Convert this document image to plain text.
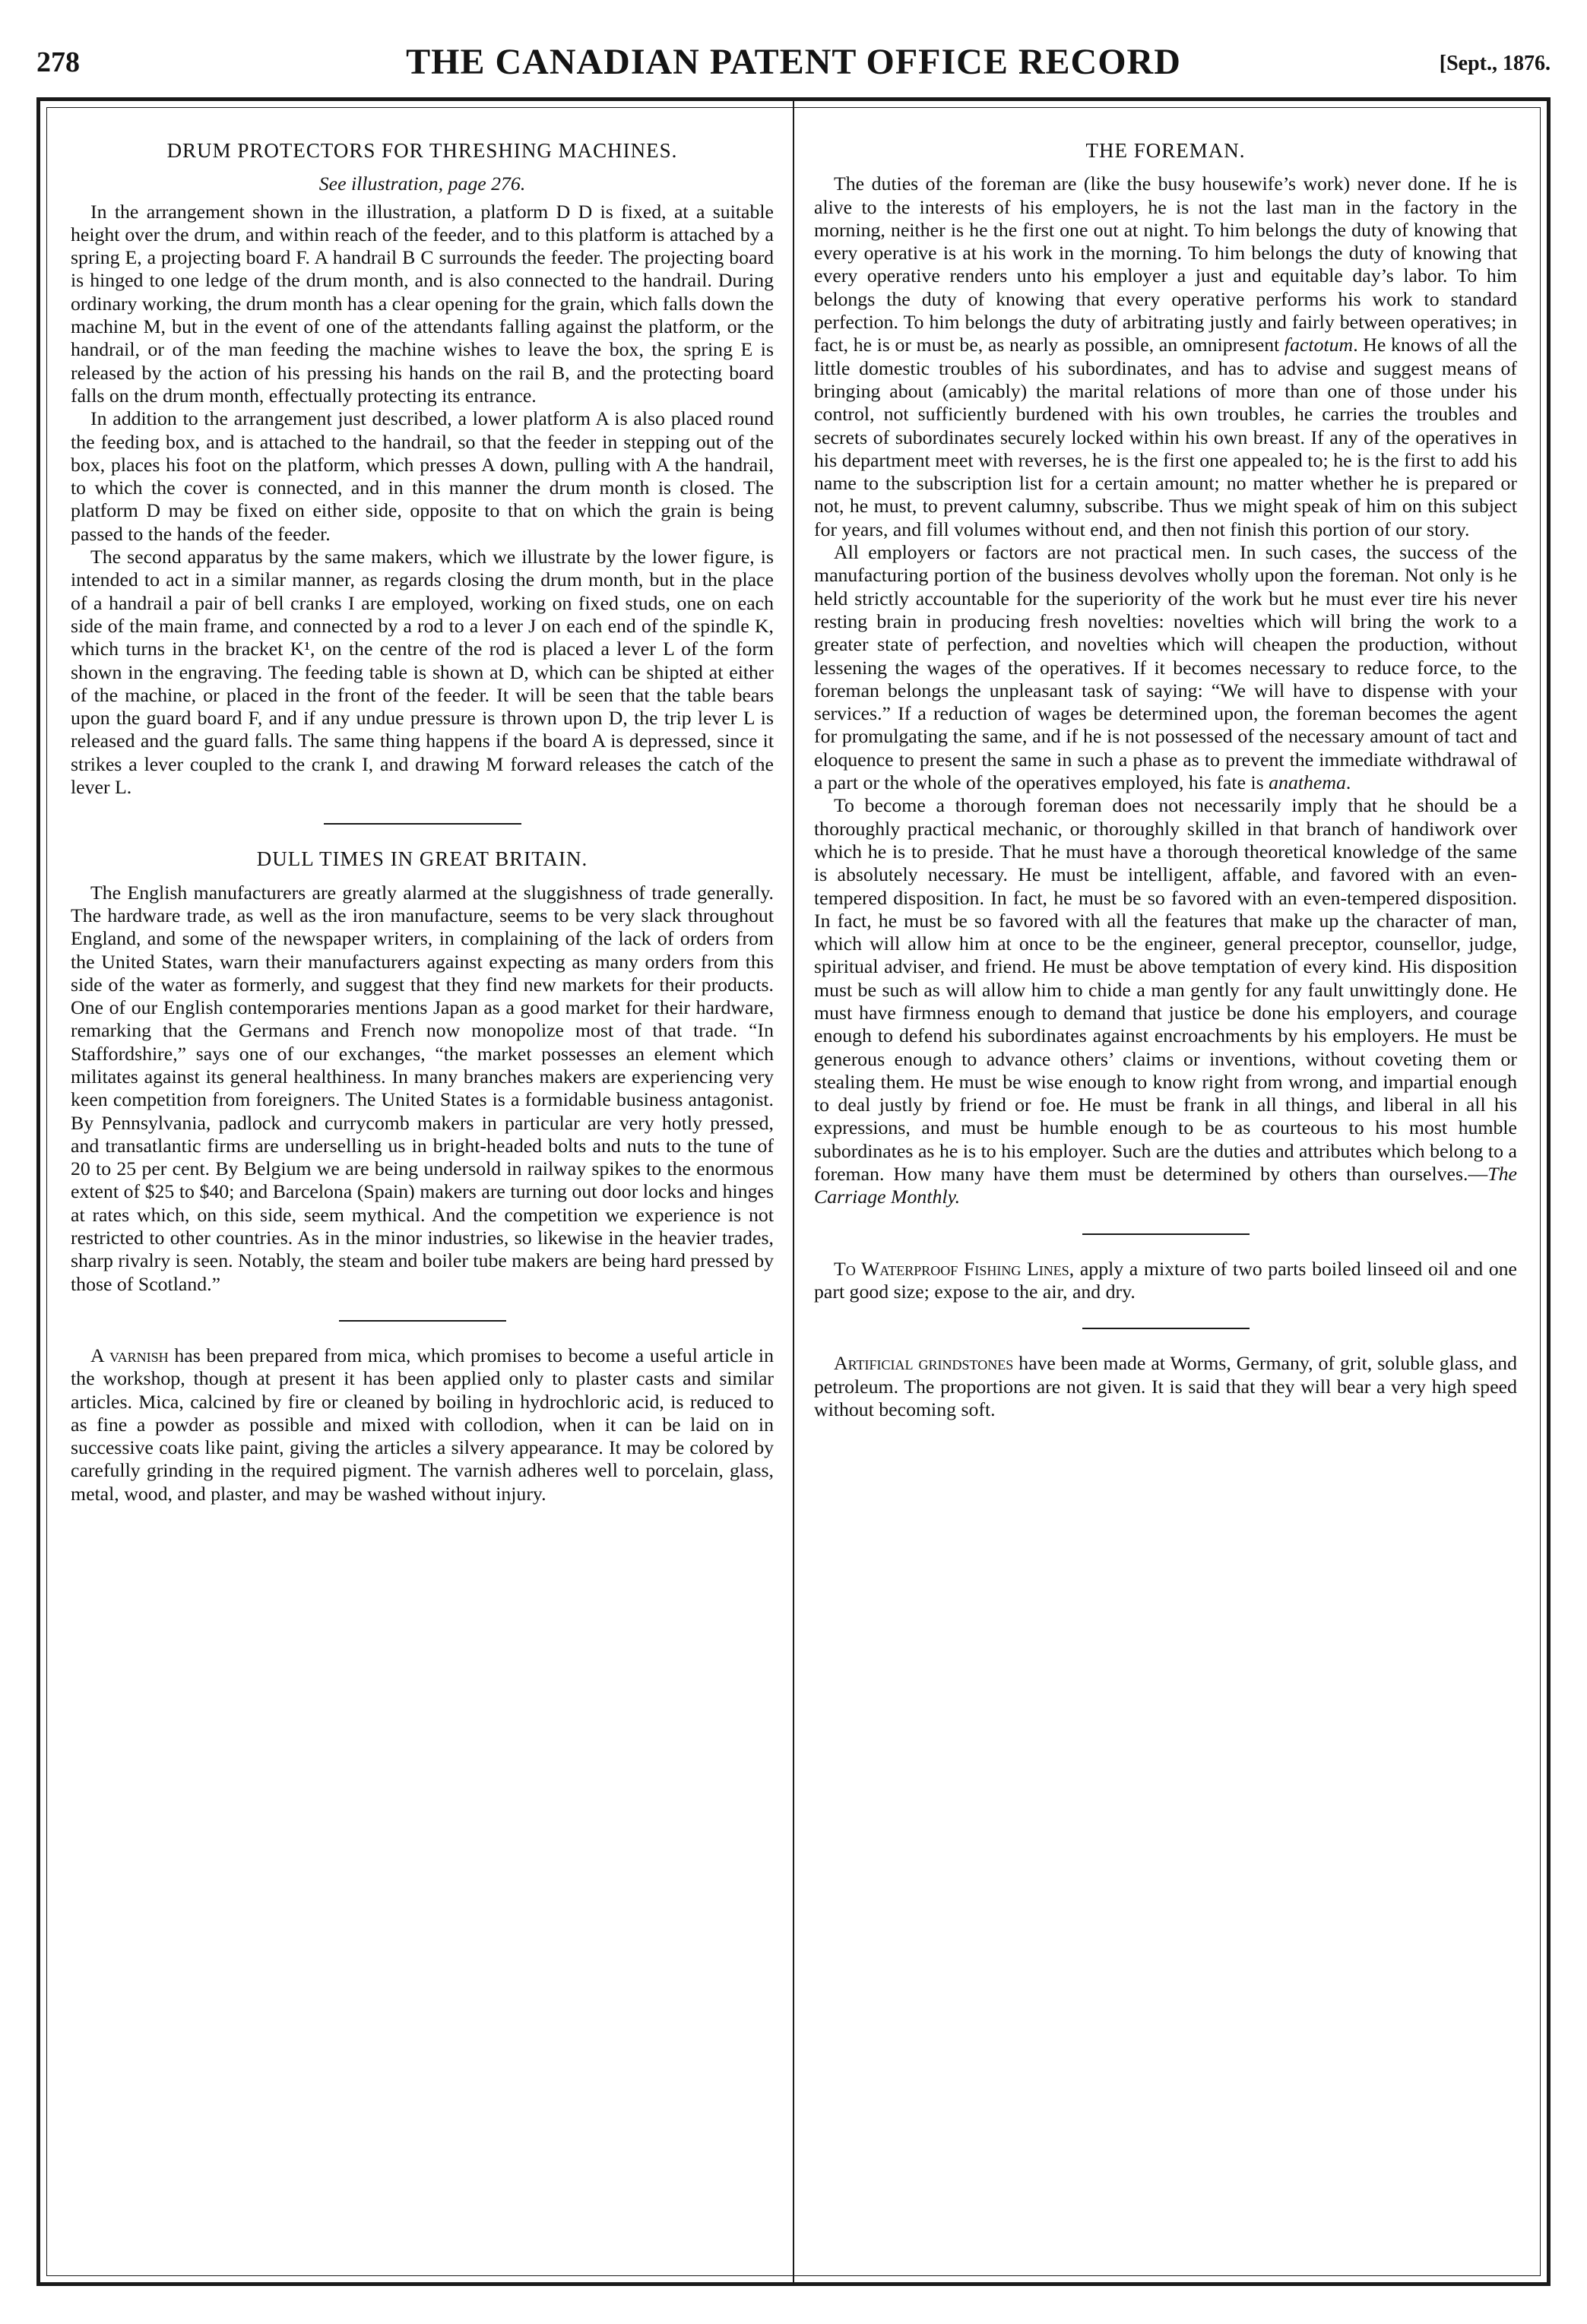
278	THE CANADIAN PATENT OFFICE RECORD	[Sept., 1876.
DRUM PROTECTORS FOR THRESHING MACHINES.

See illustration, page 276.

In the arrangement shown in the illustration, a platform D D is fixed, at a suitable height over the drum, and within reach of the feeder, and to this platform is attached by a spring E, a projecting board F. A handrail B C surrounds the feeder. The projecting board is hinged to one ledge of the drum month, and is also connected to the handrail. During ordinary working, the drum month has a clear opening for the grain, which falls down the machine M, but in the event of one of the attendants falling against the platform, or the handrail, or of the man feeding the machine wishes to leave the box, the spring E is released by the action of his pressing his hands on the rail B, and the protecting board falls on the drum month, effectually protecting its entrance.

In addition to the arrangement just described, a lower platform A is also placed round the feeding box, and is attached to the handrail, so that the feeder in stepping out of the box, places his foot on the platform, which presses A down, pulling with A the handrail, to which the cover is connected, and in this manner the drum month is closed. The platform D may be fixed on either side, opposite to that on which the grain is being passed to the hands of the feeder.

The second apparatus by the same makers, which we illustrate by the lower figure, is intended to act in a similar manner, as regards closing the drum month, but in the place of a handrail a pair of bell cranks I are employed, working on fixed studs, one on each side of the main frame, and connected by a rod to a lever J on each end of the spindle K, which turns in the bracket K¹, on the centre of the rod is placed a lever L of the form shown in the engraving. The feeding table is shown at D, which can be shipted at either of the machine, or placed in the front of the feeder. It will be seen that the table bears upon the guard board F, and if any undue pressure is thrown upon D, the trip lever L is released and the guard falls. The same thing happens if the board A is depressed, since it strikes a lever coupled to the crank I, and drawing M forward releases the catch of the lever L.

DULL TIMES IN GREAT BRITAIN.

The English manufacturers are greatly alarmed at the sluggishness of trade generally. The hardware trade, as well as the iron manufacture, seems to be very slack throughout England, and some of the newspaper writers, in complaining of the lack of orders from the United States, warn their manufacturers against expecting as many orders from this side of the water as formerly, and suggest that they find new markets for their products. One of our English contemporaries mentions Japan as a good market for their hardware, remarking that the Germans and French now monopolize most of that trade. “In Staffordshire,” says one of our exchanges, “the market possesses an element which militates against its general healthiness. In many branches makers are experiencing very keen competition from foreigners. The United States is a formidable business antagonist. By Pennsylvania, padlock and currycomb makers in particular are very hotly pressed, and transatlantic firms are underselling us in bright-headed bolts and nuts to the tune of 20 to 25 per cent. By Belgium we are being undersold in railway spikes to the enormous extent of $25 to $40; and Barcelona (Spain) makers are turning out door locks and hinges at rates which, on this side, seem mythical. And the competition we experience is not restricted to other countries. As in the minor industries, so likewise in the heavier trades, sharp rivalry is seen. Notably, the steam and boiler tube makers are being hard pressed by those of Scotland.”

A varnish has been prepared from mica, which promises to become a useful article in the workshop, though at present it has been applied only to plaster casts and similar articles. Mica, calcined by fire or cleaned by boiling in hydrochloric acid, is reduced to as fine a powder as possible and mixed with collodion, when it can be laid on in successive coats like paint, giving the articles a silvery appearance. It may be colored by carefully grinding in the required pigment. The varnish adheres well to porcelain, glass, metal, wood, and plaster, and may be washed without injury.

THE FOREMAN.

The duties of the foreman are (like the busy housewife’s work) never done. If he is alive to the interests of his employers, he is not the last man in the factory in the morning, neither is he the first one out at night. To him belongs the duty of knowing that every operative is at his work in the morning. To him belongs the duty of knowing that every operative renders unto his employer a just and equitable day’s labor. To him belongs the duty of knowing that every operative performs his work to standard perfection. To him belongs the duty of arbitrating justly and fairly between operatives; in fact, he is or must be, as nearly as possible, an omnipresent factotum. He knows of all the little domestic troubles of his subordinates, and has to advise and suggest means of bringing about (amicably) the marital relations of more than one of those under his control, not sufficiently burdened with his own troubles, he carries the troubles and secrets of subordinates securely locked within his own breast. If any of the operatives in his department meet with reverses, he is the first one appealed to; he is the first to add his name to the subscription list for a certain amount; no matter whether he is prepared or not, he must, to prevent calumny, subscribe. Thus we might speak of him on this subject for years, and fill volumes without end, and then not finish this portion of our story.

All employers or factors are not practical men. In such cases, the success of the manufacturing portion of the business devolves wholly upon the foreman. Not only is he held strictly accountable for the superiority of the work but he must ever tire his never resting brain in producing fresh novelties: novelties which will bring the work to a greater state of perfection, and novelties which will cheapen the production, without lessening the wages of the operatives. If it becomes necessary to reduce force, to the foreman belongs the unpleasant task of saying: “We will have to dispense with your services.” If a reduction of wages be determined upon, the foreman becomes the agent for promulgating the same, and if he is not possessed of the necessary amount of tact and eloquence to present the same in such a phase as to prevent the immediate withdrawal of a part or the whole of the operatives employed, his fate is anathema.

To become a thorough foreman does not necessarily imply that he should be a thoroughly practical mechanic, or thoroughly skilled in that branch of handiwork over which he is to preside. That he must have a thorough theoretical knowledge of the same is absolutely necessary. He must be intelligent, affable, and favored with an even-tempered disposition. In fact, he must be so favored with an even-tempered disposition. In fact, he must be so favored with all the features that make up the character of man, which will allow him at once to be the engineer, general preceptor, counsellor, judge, spiritual adviser, and friend. He must be above temptation of every kind. His disposition must be such as will allow him to chide a man gently for any fault unwittingly done. He must have firmness enough to demand that justice be done his employers, and courage enough to defend his subordinates against encroachments by his employers. He must be generous enough to advance others’ claims or inventions, without coveting them or stealing them. He must be wise enough to know right from wrong, and impartial enough to deal justly by friend or foe. He must be frank in all things, and liberal in all his expressions, and must be humble enough to be as courteous to his most humble subordinates as he is to his employer. Such are the duties and attributes which belong to a foreman. How many have them must be determined by others than ourselves.—The Carriage Monthly.

To Waterproof Fishing Lines, apply a mixture of two parts boiled linseed oil and one part good size; expose to the air, and dry.

Artificial grindstones have been made at Worms, Germany, of grit, soluble glass, and petroleum. The proportions are not given. It is said that they will bear a very high speed without becoming soft.
